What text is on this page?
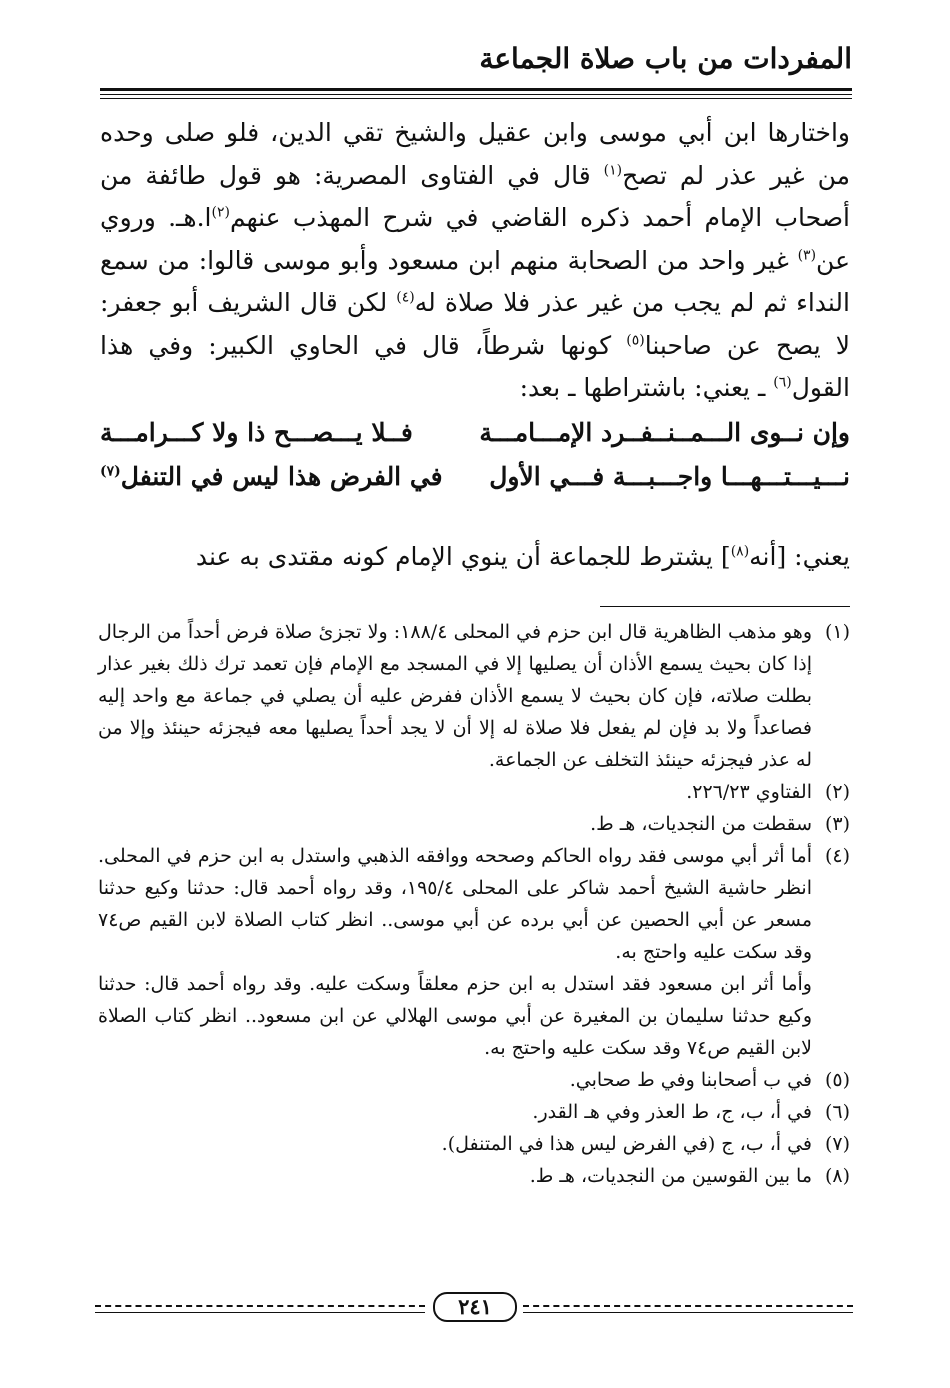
المفردات من باب صلاة الجماعة

واختارها ابن أبي موسى وابن عقيل والشيخ تقي الدين، فلو صلى وحده من غير عذر لم تصح$^{(١)}$ قال في الفتاوى المصرية: هو قول طائفة من أصحاب الإمام أحمد ذكره القاضي في شرح المهذب عنهم$^{(٢)}$ا.هـ. وروي عن$^{(٣)}$ غير واحد من الصحابة منهم ابن مسعود وأبو موسى قالوا: من سمع النداء ثم لم يجب من غير عذر فلا صلاة له$^{(٤)}$ لكن قال الشريف أبو جعفر: لا يصح عن صاحبنا$^{(٥)}$ كونها شرطاً، قال في الحاوي الكبير: وفي هذا القول$^{(٦)}$ ـ يعني: باشتراطها ـ بعد:

وإن نــوى الـــمــنــفــرد الإمـــامـــة
فــلا يـــصـــح ذا ولا كـــرامـــة
نـــيـــتـــهـــا واجـــبـــة فـــي الأول
في الفرض هذا ليس في التنفل$^{(٧)}$
يعني: [أنه$^{(٨)}$] يشترط للجماعة أن ينوي الإمام كونه مقتدى به عند
(١)
وهو مذهب الظاهرية قال ابن حزم في المحلى ١٨٨/٤: ولا تجزئ صلاة فرض أحداً من الرجال إذا كان بحيث يسمع الأذان أن يصليها إلا في المسجد مع الإمام فإن تعمد ترك ذلك بغير عذار بطلت صلاته، فإن كان بحيث لا يسمع الأذان ففرض عليه أن يصلي في جماعة مع واحد إليه فصاعداً ولا بد فإن لم يفعل فلا صلاة له إلا أن لا يجد أحداً يصليها معه فيجزئه حينئذ وإلا من له عذر فيجزئه حينئذ التخلف عن الجماعة.
(٢)
الفتاوي ٢٢٦/٢٣.
(٣)
سقطت من النجديات، هـ ط.
(٤)
أما أثر أبي موسى فقد رواه الحاكم وصححه ووافقه الذهبي واستدل به ابن حزم في المحلى. انظر حاشية الشيخ أحمد شاكر على المحلى ١٩٥/٤، وقد رواه أحمد قال: حدثنا وكيع حدثنا مسعر عن أبي الحصين عن أبي برده عن أبي موسى.. انظر كتاب الصلاة لابن القيم ص٧٤ وقد سكت عليه واحتج به.
وأما أثر ابن مسعود فقد استدل به ابن حزم معلقاً وسكت عليه. وقد رواه أحمد قال: حدثنا وكيع حدثنا سليمان بن المغيرة عن أبي موسى الهلالي عن ابن مسعود.. انظر كتاب الصلاة لابن القيم ص٧٤ وقد سكت عليه واحتج به.
(٥)
في ب أصحابنا وفي ط صحابي.
(٦)
في أ، ب، ج، ط العذر وفي هـ القدر.
(٧)
في أ، ب، ج (في الفرض ليس هذا في المتنفل).
(٨)
ما بين القوسين من النجديات، هـ ط.
٢٤١
